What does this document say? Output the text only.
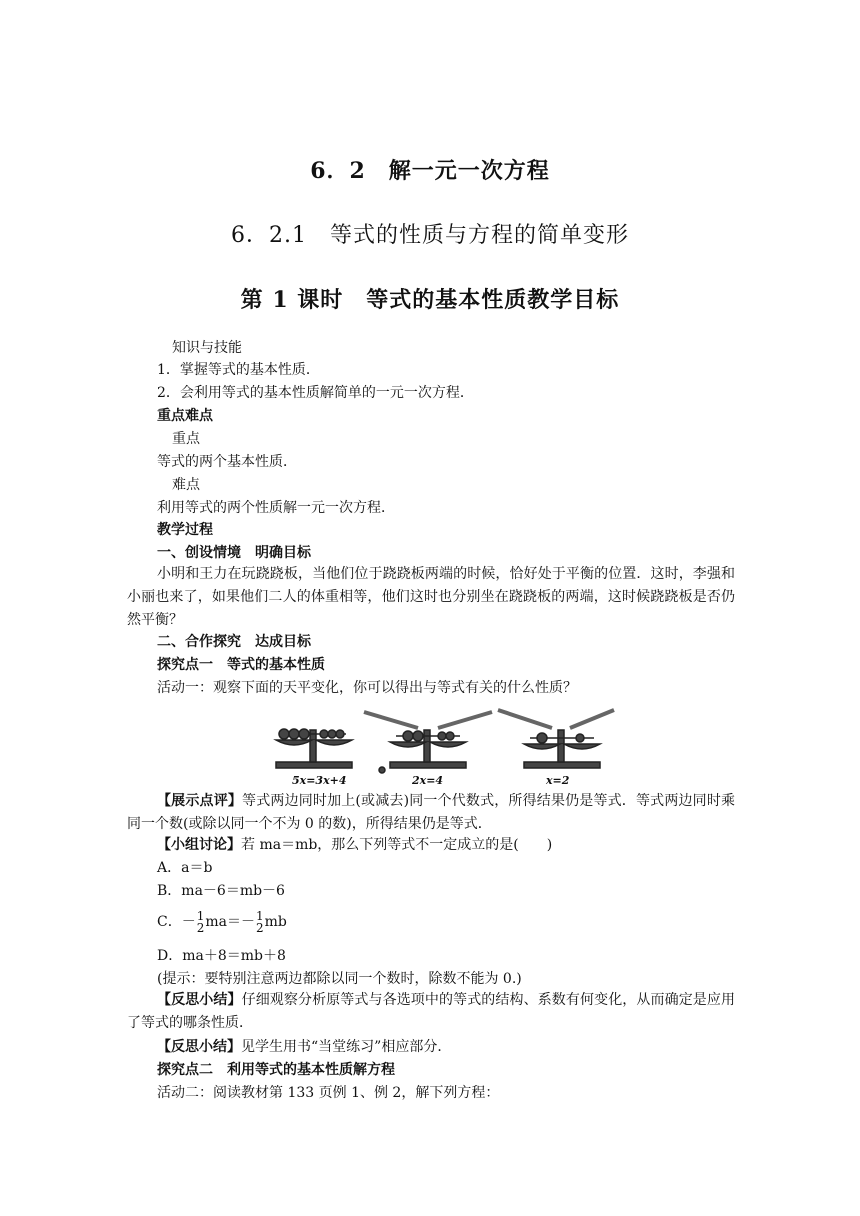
6．2　解一元一次方程
6．2.1　等式的性质与方程的简单变形
第 1 课时　等式的基本性质教学目标
知识与技能
1．掌握等式的基本性质．
2．会利用等式的基本性质解简单的一元一次方程．
重点难点
重点
等式的两个基本性质．
难点
利用等式的两个性质解一元一次方程．
教学过程
一、创设情境　明确目标
小明和王力在玩跷跷板，当他们位于跷跷板两端的时候，恰好处于平衡的位置．这时，李强和小丽也来了，如果他们二人的体重相等，他们这时也分别坐在跷跷板的两端，这时候跷跷板是否仍然平衡？
二、合作探究　达成目标
探究点一　等式的基本性质
活动一：观察下面的天平变化，你可以得出与等式有关的什么性质？
5x=3x+4	2x=4	x=2
【展示点评】等式两边同时加上(或减去)同一个代数式，所得结果仍是等式．等式两边同时乘同一个数(或除以同一个不为 0 的数)，所得结果仍是等式．
【小组讨论】若 ma＝mb，那么下列等式不一定成立的是(　　)
A．a＝b
B．ma－6＝mb－6
C．－ 1
2 ma＝－ 1
2 mb
D．ma＋8＝mb＋8
(提示：要特别注意两边都除以同一个数时，除数不能为 0.)
【反思小结】仔细观察分析原等式与各选项中的等式的结构、系数有何变化，从而确定是应用了等式的哪条性质．
【反思小结】见学生用书“当堂练习”相应部分．
探究点二　利用等式的基本性质解方程
活动二：阅读教材第 133 页例 1、例 2，解下列方程：
